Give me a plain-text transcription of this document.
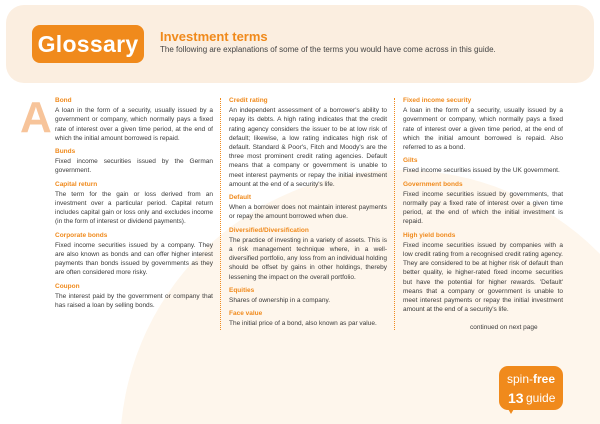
Glossary	Investment terms
The following are explanations of some of the terms you would have come across in this guide.
A Bond
A loan in the form of a security, usually issued by a government or company, which normally pays a fixed rate of interest over a given time period, at the end of which the initial amount borrowed is repaid.
Bunds
Fixed income securities issued by the German government.
Capital return
The term for the gain or loss derived from an investment over a particular period. Capital return includes capital gain or loss only and excludes income (in the form of interest or dividend payments).
Corporate bonds
Fixed income securities issued by a company. They are also known as bonds and can offer higher interest payments than bonds issued by governments as they are often considered more risky.
Coupon
The interest paid by the government or company that has raised a loan by selling bonds.
Credit rating
An independent assessment of a borrower's ability to repay its debts. A high rating indicates that the credit rating agency considers the issuer to be at low risk of default; likewise, a low rating indicates high risk of default. Standard & Poor's, Fitch and Moody's are the three most prominent credit rating agencies. Default means that a company or government is unable to meet interest payments or repay the initial investment amount at the end of a security's life.
Default
When a borrower does not maintain interest payments or repay the amount borrowed when due.
Diversified/Diversification
The practice of investing in a variety of assets. This is a risk management technique where, in a well-diversified portfolio, any loss from an individual holding should be offset by gains in other holdings, thereby lessening the impact on the overall portfolio.
Equities
Shares of ownership in a company.
Face value
The initial price of a bond, also known as par value.
Fixed income security
A loan in the form of a security, usually issued by a government or company, which normally pays a fixed rate of interest over a given time period, at the end of which the initial amount borrowed is repaid. Also referred to as a bond.
Gilts
Fixed income securities issued by the UK government.
Government bonds
Fixed income securities issued by governments, that normally pay a fixed rate of interest over a given time period, at the end of which the initial investment is repaid.
High yield bonds
Fixed income securities issued by companies with a low credit rating from a recognised credit rating agency. They are considered to be at higher risk of default than better quality, ie higher-rated fixed income securities but have the potential for higher rewards. 'Default' means that a company or government is unable to meet interest payments or repay the initial investment amount at the end of a security's life.
continued on next page
spin-free
13 guide
